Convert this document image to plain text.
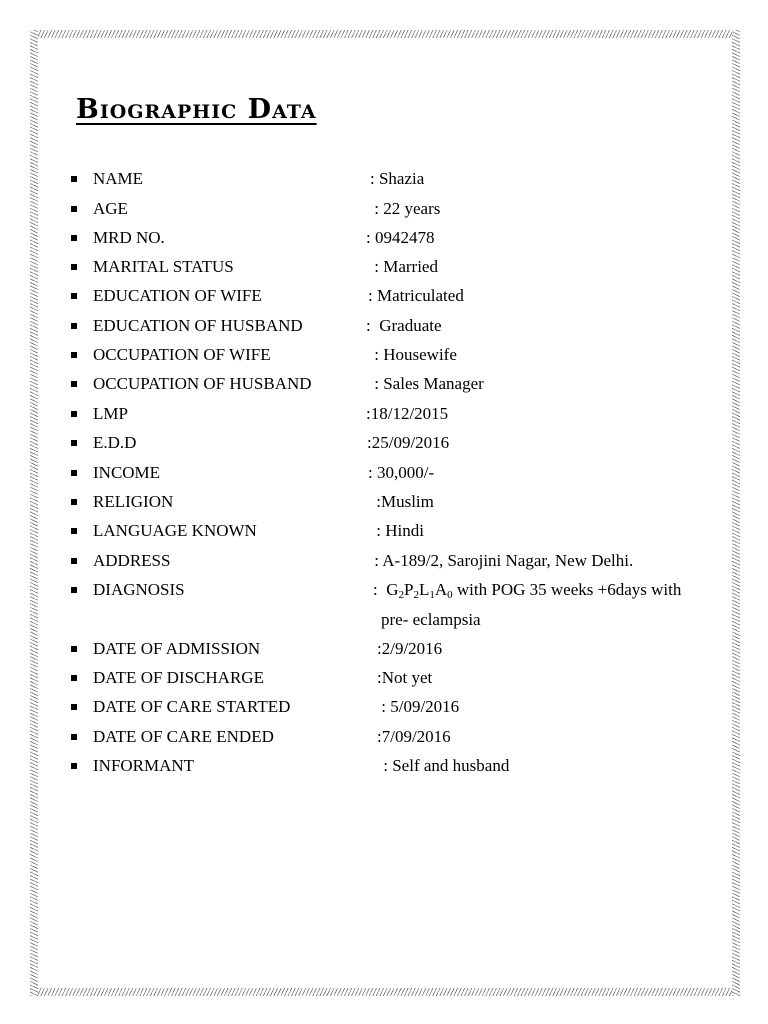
Biographic Data
NAME	: Shazia
AGE	: 22 years
MRD NO.	: 0942478
MARITAL STATUS	: Married
EDUCATION OF WIFE	: Matriculated
EDUCATION OF HUSBAND	:  Graduate
OCCUPATION OF WIFE	: Housewife
OCCUPATION OF HUSBAND	: Sales Manager
LMP	:18/12/2015
E.D.D	:25/09/2016
INCOME	: 30,000/-
RELIGION	:Muslim
LANGUAGE KNOWN	: Hindi
ADDRESS	: A-189/2, Sarojini Nagar, New Delhi.
DIAGNOSIS	:  $G_2P_2L_1A_0$ with POG 35 weeks +6days with
pre- eclampsia
DATE OF ADMISSION	:2/9/2016
DATE OF DISCHARGE	:Not yet
DATE OF CARE STARTED	: 5/09/2016
DATE OF CARE ENDED	:7/09/2016
INFORMANT	: Self and husband
